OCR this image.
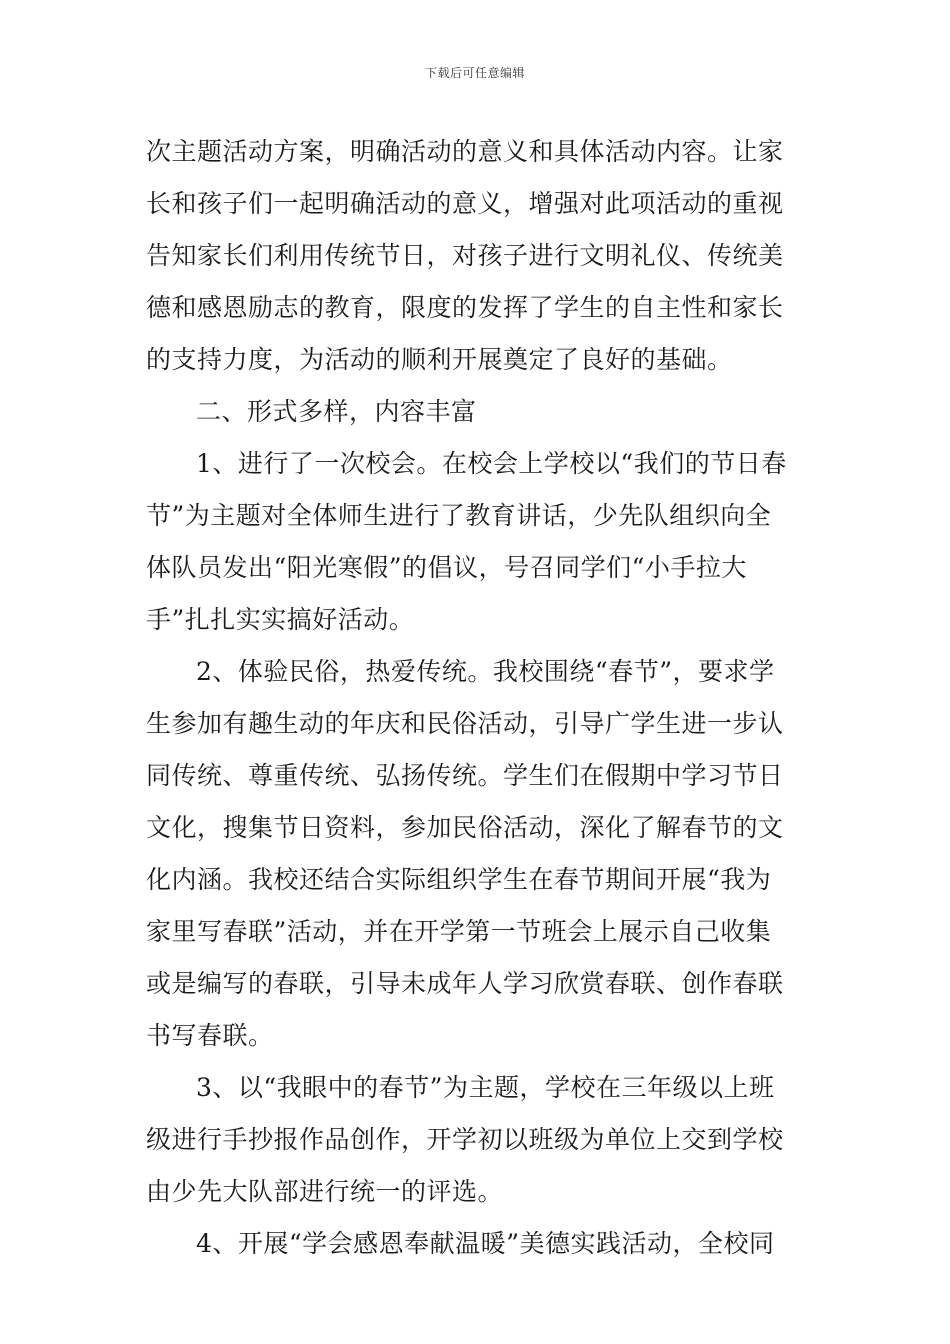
下载后可任意编辑
次主题活动方案，明确活动的意义和具体活动内容。让家
长和孩子们一起明确活动的意义，增强对此项活动的重视
告知家长们利用传统节日，对孩子进行文明礼仪、传统美
德和感恩励志的教育，限度的发挥了学生的自主性和家长
的支持力度，为活动的顺利开展奠定了良好的基础。
二、形式多样，内容丰富
1、进行了一次校会。在校会上学校以“我们的节日春
节”为主题对全体师生进行了教育讲话，少先队组织向全
体队员发出“阳光寒假”的倡议，号召同学们“小手拉大
手”扎扎实实搞好活动。
2、体验民俗，热爱传统。我校围绕“春节”，要求学
生参加有趣生动的年庆和民俗活动，引导广学生进一步认
同传统、尊重传统、弘扬传统。学生们在假期中学习节日
文化，搜集节日资料，参加民俗活动，深化了解春节的文
化内涵。我校还结合实际组织学生在春节期间开展“我为
家里写春联”活动，并在开学第一节班会上展示自己收集
或是编写的春联，引导未成年人学习欣赏春联、创作春联
书写春联。
3、以“我眼中的春节”为主题，学校在三年级以上班
级进行手抄报作品创作，开学初以班级为单位上交到学校
由少先大队部进行统一的评选。
4、开展“学会感恩奉献温暖”美德实践活动，全校同
